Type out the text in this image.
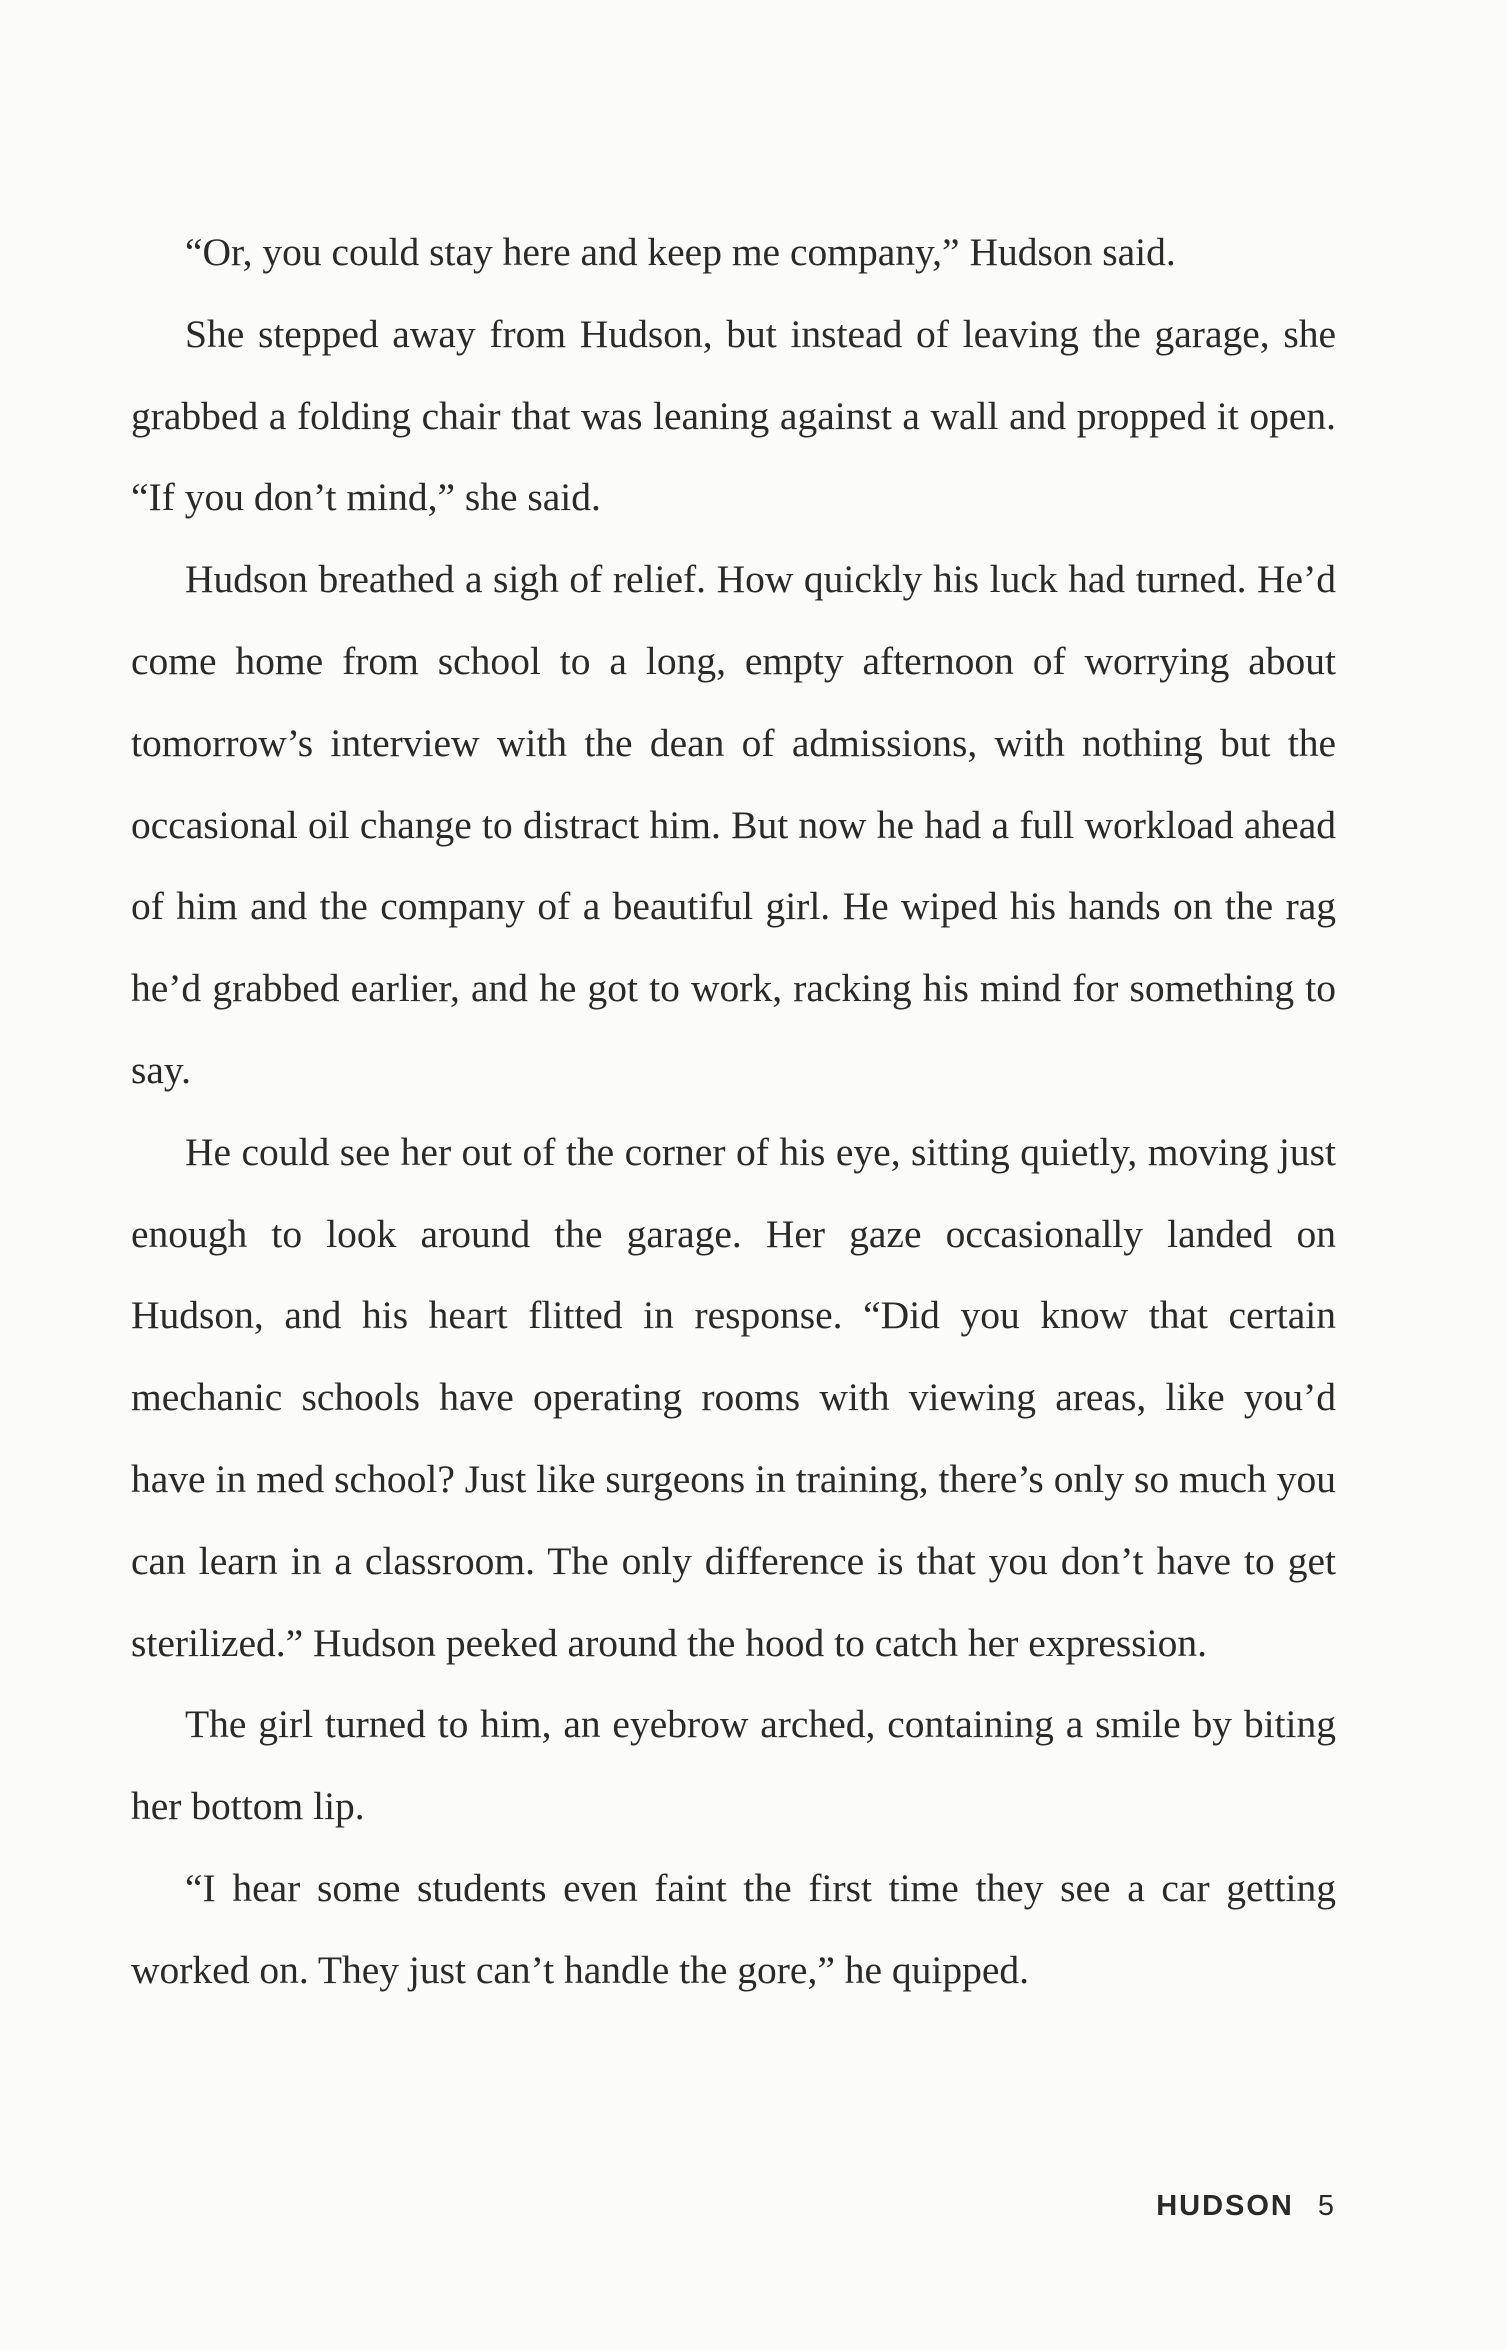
“Or, you could stay here and keep me company,” Hudson said.

She stepped away from Hudson, but instead of leaving the garage, she grabbed a folding chair that was leaning against a wall and propped it open. “If you don’t mind,” she said.

Hudson breathed a sigh of relief. How quickly his luck had turned. He’d come home from school to a long, empty afternoon of worrying about tomorrow’s interview with the dean of admissions, with nothing but the occasional oil change to distract him. But now he had a full workload ahead of him and the company of a beautiful girl. He wiped his hands on the rag he’d grabbed earlier, and he got to work, racking his mind for something to say.

He could see her out of the corner of his eye, sitting quietly, moving just enough to look around the garage. Her gaze occasionally landed on Hudson, and his heart flitted in response. “Did you know that certain mechanic schools have operating rooms with viewing areas, like you’d have in med school? Just like surgeons in training, there’s only so much you can learn in a classroom. The only difference is that you don’t have to get sterilized.” Hudson peeked around the hood to catch her expression.

The girl turned to him, an eyebrow arched, containing a smile by biting her bottom lip.

“I hear some students even faint the first time they see a car getting worked on. They just can’t handle the gore,” he quipped.

HUDSON 5
